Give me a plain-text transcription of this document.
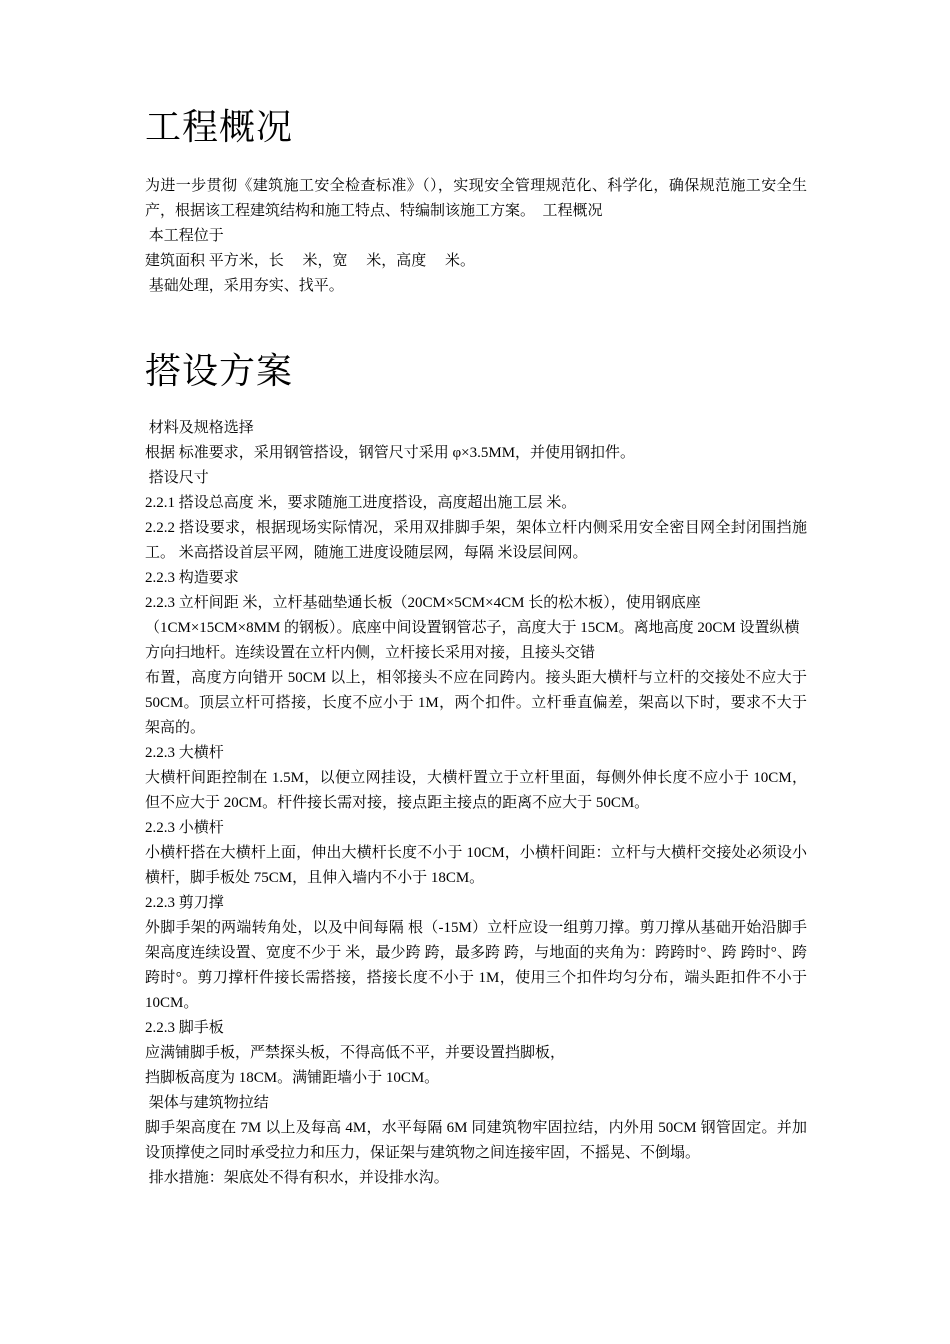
工程概况

为进一步贯彻《建筑施工安全检查标准》（），实现安全管理规范化、科学化，确保规范施工安全生产，根据该工程建筑结构和施工特点、特编制该施工方案。  工程概况

本工程位于

建筑面积 平方米，长     米，宽     米，高度     米。

基础处理，采用夯实、找平。

搭设方案

材料及规格选择

根据 标准要求，采用钢管搭设，钢管尺寸采用 φ×3.5MM，并使用钢扣件。

搭设尺寸

2.2.1 搭设总高度 米，要求随施工进度搭设，高度超出施工层 米。

2.2.2 搭设要求，根据现场实际情况，采用双排脚手架，架体立杆内侧采用安全密目网全封闭围挡施工。 米高搭设首层平网，随施工进度设随层网，每隔 米设层间网。

2.2.3 构造要求

2.2.3 立杆间距 米，立杆基础垫通长板（20CM×5CM×4CM 长的松木板），使用钢底座（1CM×15CM×8MM 的钢板）。底座中间设置钢管芯子，高度大于 15CM。离地高度 20CM 设置纵横方向扫地杆。连续设置在立杆内侧，立杆接长采用对接，且接头交错

布置，高度方向错开 50CM 以上，相邻接头不应在同跨内。接头距大横杆与立杆的交接处不应大于 50CM。顶层立杆可搭接，长度不应小于 1M，两个扣件。立杆垂直偏差，架高以下时，要求不大于架高的。

2.2.3 大横杆

大横杆间距控制在 1.5M，以便立网挂设，大横杆置立于立杆里面，每侧外伸长度不应小于 10CM，但不应大于 20CM。杆件接长需对接，接点距主接点的距离不应大于 50CM。

2.2.3 小横杆

小横杆搭在大横杆上面，伸出大横杆长度不小于 10CM，小横杆间距：立杆与大横杆交接处必须设小横杆，脚手板处 75CM，且伸入墙内不小于 18CM。

2.2.3 剪刀撑

外脚手架的两端转角处，以及中间每隔 根（-15M）立杆应设一组剪刀撑。剪刀撑从基础开始沿脚手架高度连续设置、宽度不少于 米，最少跨 跨，最多跨 跨，与地面的夹角为：跨跨时°、跨 跨时°、跨 跨时°。剪刀撑杆件接长需搭接，搭接长度不小于 1M，使用三个扣件均匀分布，端头距扣件不小于 10CM。

2.2.3 脚手板

应满铺脚手板，严禁探头板，不得高低不平，并要设置挡脚板，

挡脚板高度为 18CM。满铺距墙小于 10CM。

架体与建筑物拉结

脚手架高度在 7M 以上及每高 4M，水平每隔 6M 同建筑物牢固拉结，内外用 50CM 钢管固定。并加设顶撑使之同时承受拉力和压力，保证架与建筑物之间连接牢固，不摇晃、不倒塌。

排水措施：架底处不得有积水，并设排水沟。
